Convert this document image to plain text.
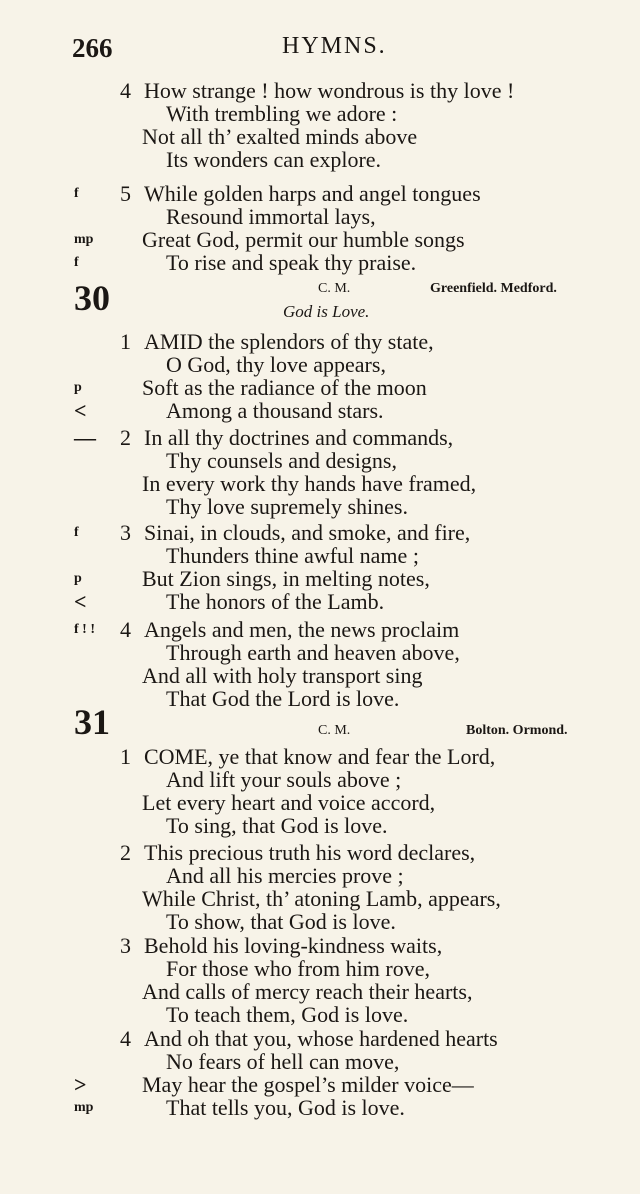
266	HYMNS.
30	C. M.	Greenfield. Medford.
God is Love.
31	C. M.	Bolton. Ormond.
4 How strange ! how wondrous is thy love !
With trembling we adore :
Not all th’ exalted minds above
Its wonders can explore.
5 While golden harps and angel tongues
f
Resound immortal lays,
Great God, permit our humble songs
mp
To rise and speak thy praise.
f
1 AMID the splendors of thy state,
O God, thy love appears,
Soft as the radiance of the moon
p
Among a thousand stars.
<
2 In all thy doctrines and commands,
—
Thy counsels and designs,
In every work thy hands have framed,
Thy love supremely shines.
3 Sinai, in clouds, and smoke, and fire,
f
Thunders thine awful name ;
But Zion sings, in melting notes,
p
The honors of the Lamb.
<
4 Angels and men, the news proclaim
f ! !
Through earth and heaven above,
And all with holy transport sing
That God the Lord is love.
1 COME, ye that know and fear the Lord,
And lift your souls above ;
Let every heart and voice accord,
To sing, that God is love.
2 This precious truth his word declares,
And all his mercies prove ;
While Christ, th’ atoning Lamb, appears,
To show, that God is love.
3 Behold his loving-kindness waits,
For those who from him rove,
And calls of mercy reach their hearts,
To teach them, God is love.
4 And oh that you, whose hardened hearts
No fears of hell can move,
May hear the gospel’s milder voice—
>
That tells you, God is love.
mp
